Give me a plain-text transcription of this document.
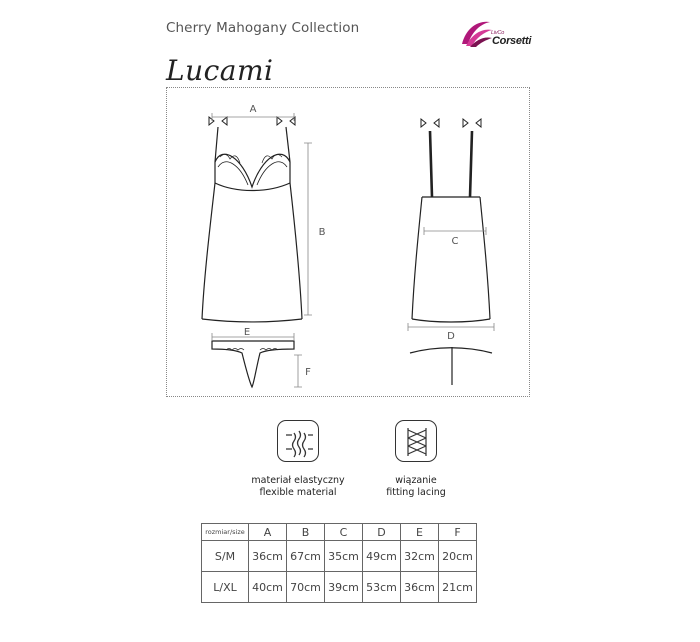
Cherry Mahogany Collection	LivCo
Corsetti
Lucami
A
B
C
D
E
F
materiał elastyczny
flexible material
wiązanie
fitting lacing
rozmiar/size	A	B	C	D	E	F
S/M	36cm	67cm	35cm	49cm	32cm	20cm
L/XL	40cm	70cm	39cm	53cm	36cm	21cm
